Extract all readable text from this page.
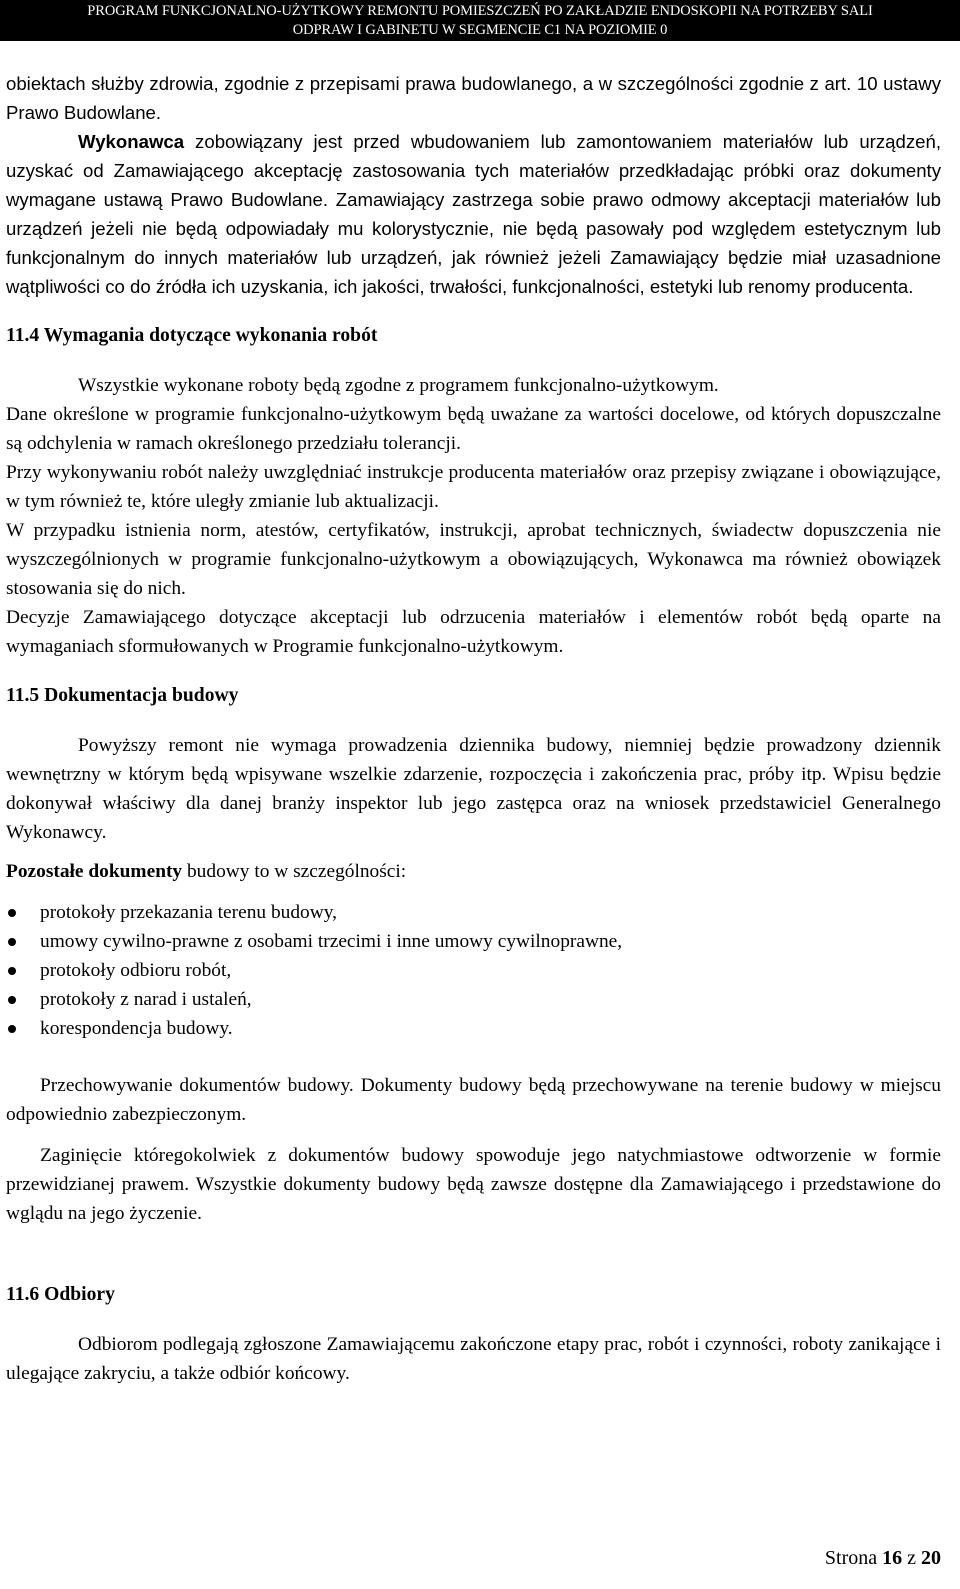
PROGRAM FUNKCJONALNO-UŻYTKOWY REMONTU POMIESZCZEŃ PO ZAKŁADZIE ENDOSKOPII NA POTRZEBY SALI
ODPRAW I GABINETU W SEGMENCIE C1 NA POZIOMIE 0

obiektach służby zdrowia, zgodnie z przepisami prawa budowlanego, a w szczególności zgodnie z art. 10 ustawy Prawo Budowlane.

Wykonawca zobowiązany jest przed wbudowaniem lub zamontowaniem materiałów lub urządzeń, uzyskać od Zamawiającego akceptację zastosowania tych materiałów przedkładając próbki oraz dokumenty wymagane ustawą Prawo Budowlane. Zamawiający zastrzega sobie prawo odmowy akceptacji materiałów lub urządzeń jeżeli nie będą odpowiadały mu kolorystycznie, nie będą pasowały pod względem estetycznym lub funkcjonalnym do innych materiałów lub urządzeń, jak również jeżeli Zamawiający będzie miał uzasadnione wątpliwości co do źródła ich uzyskania, ich jakości, trwałości, funkcjonalności, estetyki lub renomy producenta.

11.4 Wymagania dotyczące wykonania robót

Wszystkie wykonane roboty będą zgodne z programem funkcjonalno-użytkowym.

Dane określone w programie funkcjonalno-użytkowym będą uważane za wartości docelowe, od których dopuszczalne są odchylenia w ramach określonego przedziału tolerancji.

Przy wykonywaniu robót należy uwzględniać instrukcje producenta materiałów oraz przepisy związane i obowiązujące, w tym również te, które uległy zmianie lub aktualizacji.

W przypadku istnienia norm, atestów, certyfikatów, instrukcji, aprobat technicznych, świadectw dopuszczenia nie wyszczególnionych w programie funkcjonalno-użytkowym a obowiązujących, Wykonawca ma również obowiązek stosowania się do nich.

Decyzje Zamawiającego dotyczące akceptacji lub odrzucenia materiałów i elementów robót będą oparte na wymaganiach sformułowanych w Programie funkcjonalno-użytkowym.

11.5 Dokumentacja budowy

Powyższy remont nie wymaga prowadzenia dziennika budowy, niemniej będzie prowadzony dziennik wewnętrzny w którym będą wpisywane wszelkie zdarzenie, rozpoczęcia i zakończenia prac, próby itp. Wpisu będzie dokonywał właściwy dla danej branży inspektor lub jego zastępca oraz na wniosek przedstawiciel Generalnego Wykonawcy.

Pozostałe dokumenty budowy to w szczególności:

protokoły przekazania terenu budowy,
umowy cywilno-prawne z osobami trzecimi i inne umowy cywilnoprawne,
protokoły odbioru robót,
protokoły z narad i ustaleń,
korespondencja budowy.

Przechowywanie dokumentów budowy. Dokumenty budowy będą przechowywane na terenie budowy w miejscu odpowiednio zabezpieczonym.

Zaginięcie któregokolwiek z dokumentów budowy spowoduje jego natychmiastowe odtworzenie w formie przewidzianej prawem. Wszystkie dokumenty budowy będą zawsze dostępne dla Zamawiającego i przedstawione do wglądu na jego życzenie.

11.6 Odbiory

Odbiorom podlegają zgłoszone Zamawiającemu zakończone etapy prac, robót i czynności, roboty zanikające i ulegające zakryciu, a także odbiór końcowy.

Strona 16 z 20
